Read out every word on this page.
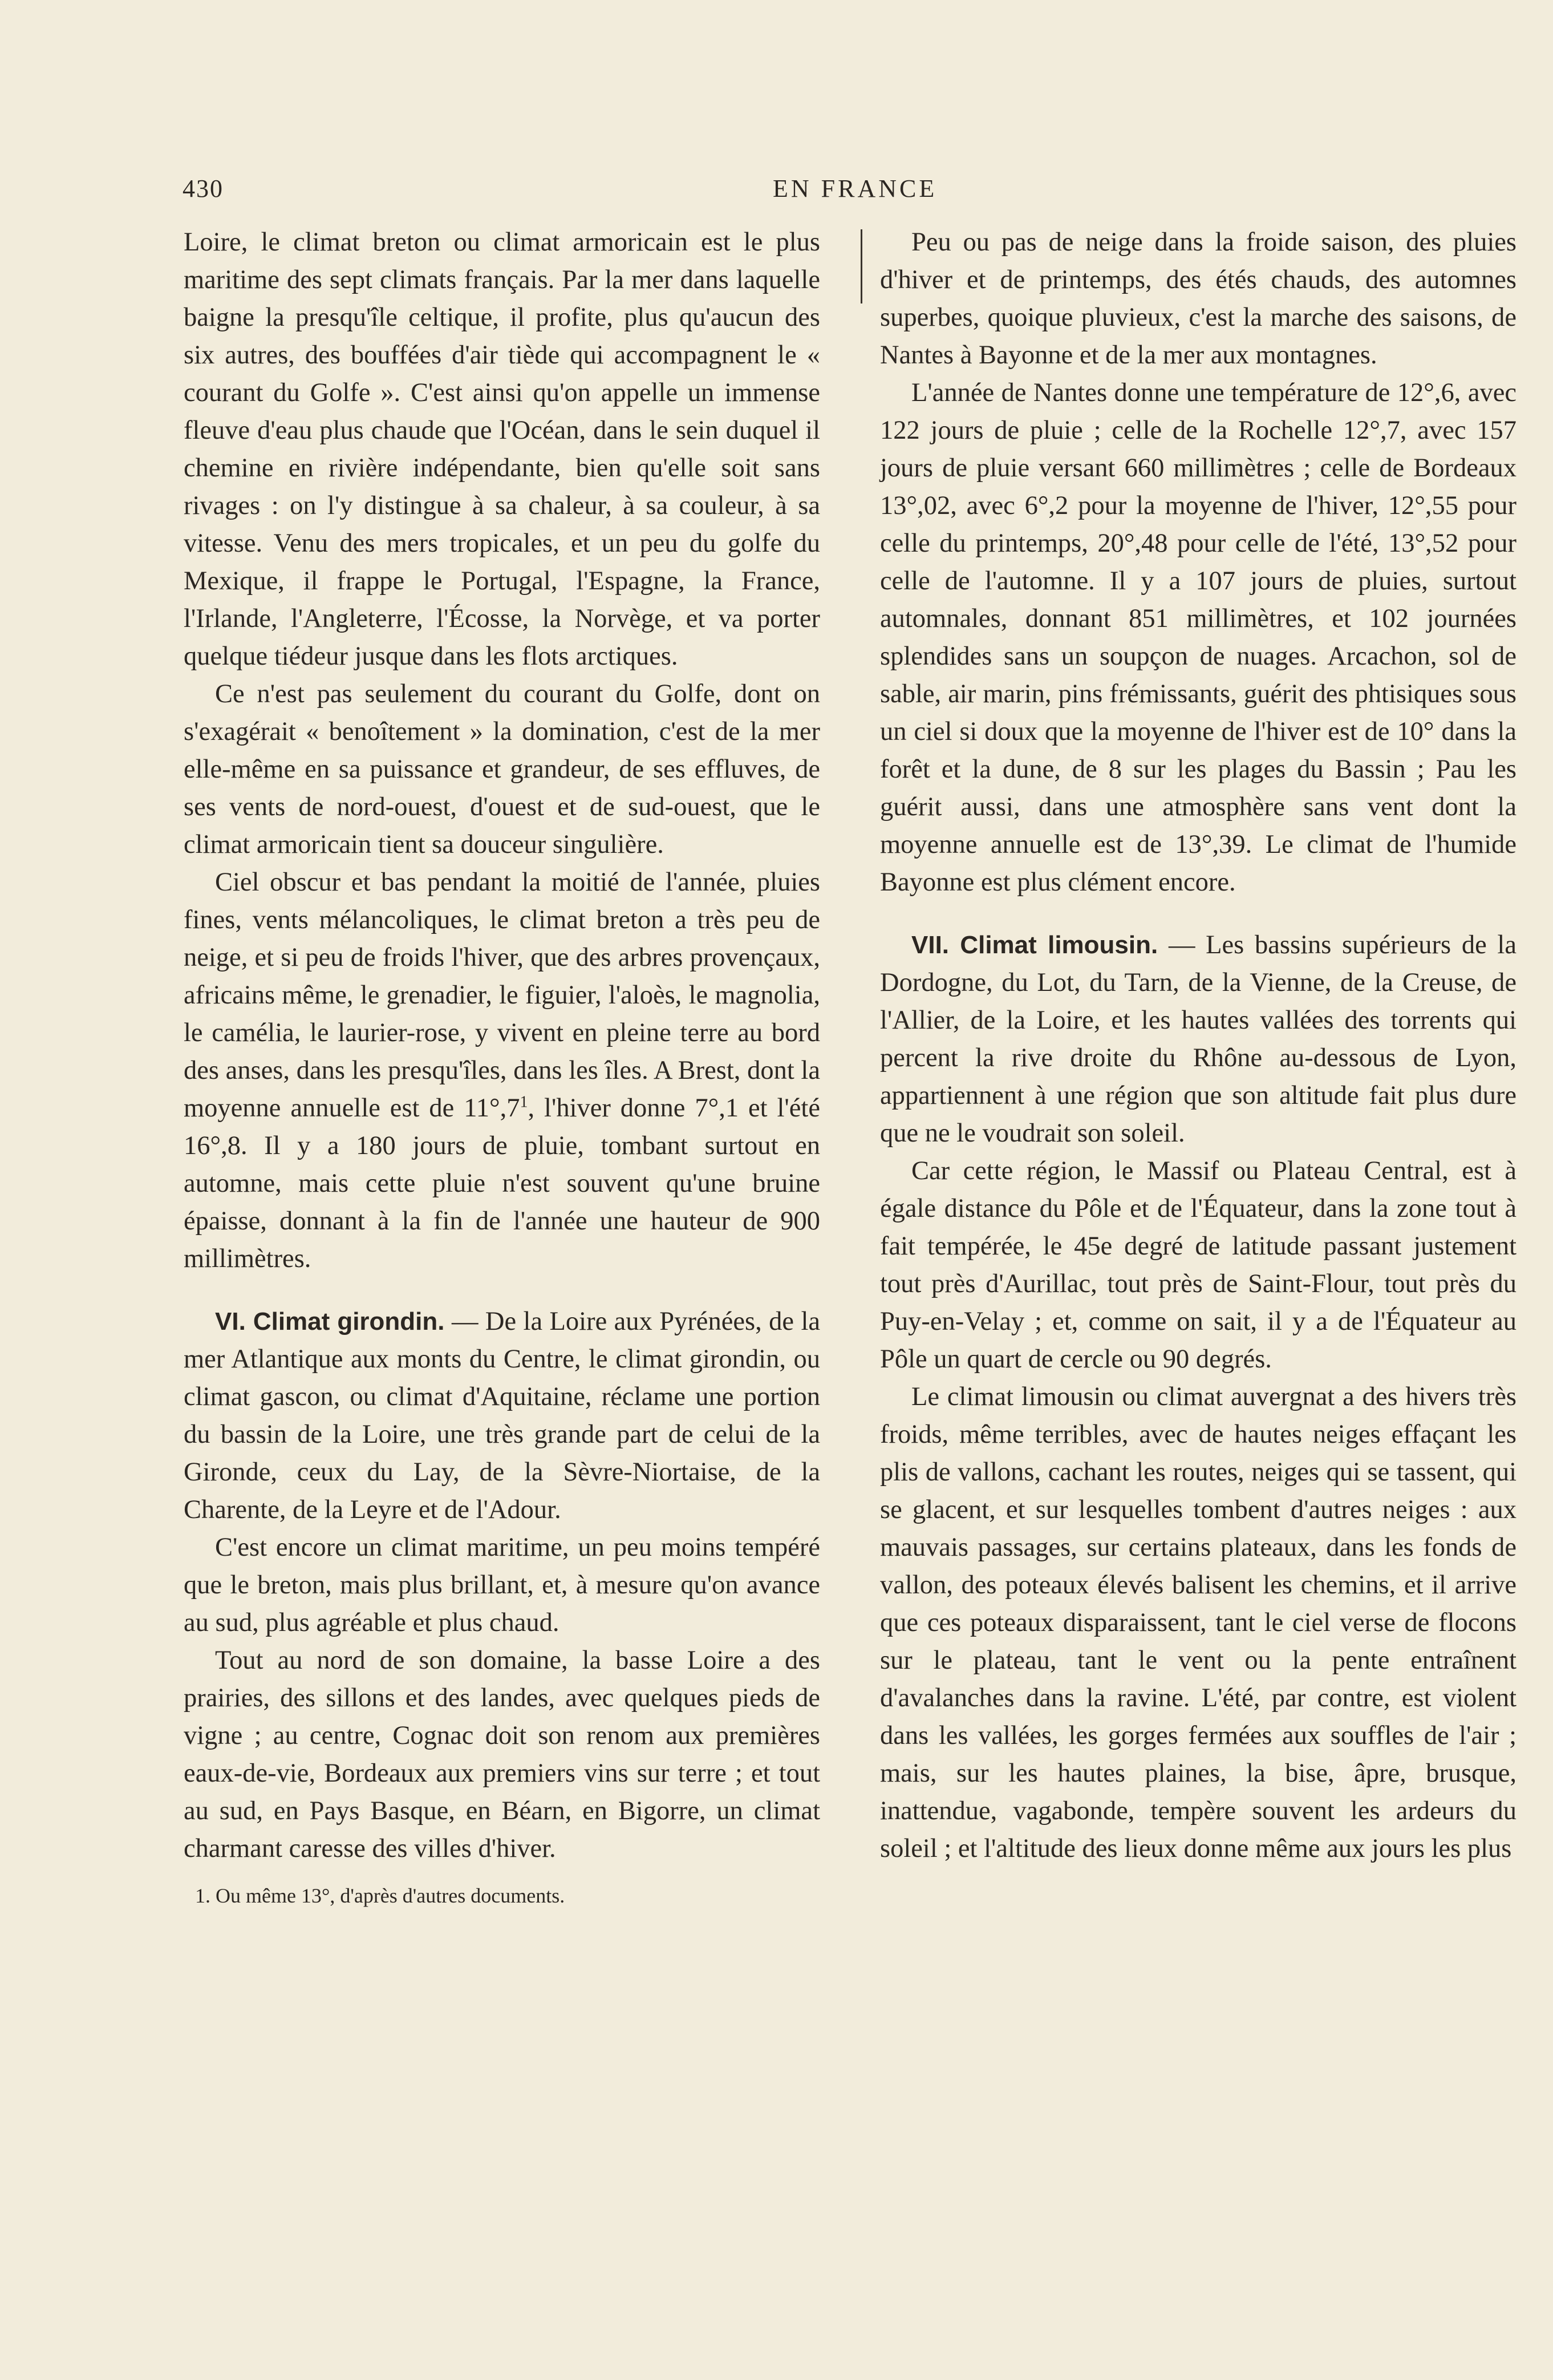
430	EN FRANCE

Loire, le climat breton ou climat armoricain est le plus maritime des sept climats français. Par la mer dans laquelle baigne la presqu'île celtique, il profite, plus qu'aucun des six autres, des bouffées d'air tiède qui accompagnent le « courant du Golfe ». C'est ainsi qu'on appelle un immense fleuve d'eau plus chaude que l'Océan, dans le sein duquel il chemine en rivière indépendante, bien qu'elle soit sans rivages : on l'y distingue à sa chaleur, à sa couleur, à sa vitesse. Venu des mers tropicales, et un peu du golfe du Mexique, il frappe le Portugal, l'Espagne, la France, l'Irlande, l'Angleterre, l'Écosse, la Norvège, et va porter quelque tiédeur jusque dans les flots arctiques.

Ce n'est pas seulement du courant du Golfe, dont on s'exagérait « benoîtement » la domination, c'est de la mer elle-même en sa puissance et grandeur, de ses effluves, de ses vents de nord-ouest, d'ouest et de sud-ouest, que le climat armoricain tient sa douceur singulière.

Ciel obscur et bas pendant la moitié de l'année, pluies fines, vents mélancoliques, le climat breton a très peu de neige, et si peu de froids l'hiver, que des arbres provençaux, africains même, le grenadier, le figuier, l'aloès, le magnolia, le camélia, le laurier-rose, y vivent en pleine terre au bord des anses, dans les presqu'îles, dans les îles. A Brest, dont la moyenne annuelle est de $11^\circ,7^1$, l'hiver donne 7°,1 et l'été 16°,8. Il y a 180 jours de pluie, tombant surtout en automne, mais cette pluie n'est souvent qu'une bruine épaisse, donnant à la fin de l'année une hauteur de 900 millimètres.

VI. Climat girondin. — De la Loire aux Pyrénées, de la mer Atlantique aux monts du Centre, le climat girondin, ou climat gascon, ou climat d'Aquitaine, réclame une portion du bassin de la Loire, une très grande part de celui de la Gironde, ceux du Lay, de la Sèvre-Niortaise, de la Charente, de la Leyre et de l'Adour.

C'est encore un climat maritime, un peu moins tempéré que le breton, mais plus brillant, et, à mesure qu'on avance au sud, plus agréable et plus chaud.

Tout au nord de son domaine, la basse Loire a des prairies, des sillons et des landes, avec quelques pieds de vigne ; au centre, Cognac doit son renom aux premières eaux-de-vie, Bordeaux aux premiers vins sur terre ; et tout au sud, en Pays Basque, en Béarn, en Bigorre, un climat charmant caresse des villes d'hiver.

1. Ou même 13°, d'après d'autres documents.

Peu ou pas de neige dans la froide saison, des pluies d'hiver et de printemps, des étés chauds, des automnes superbes, quoique pluvieux, c'est la marche des saisons, de Nantes à Bayonne et de la mer aux montagnes.

L'année de Nantes donne une température de 12°,6, avec 122 jours de pluie ; celle de la Rochelle 12°,7, avec 157 jours de pluie versant 660 millimètres ; celle de Bordeaux 13°,02, avec 6°,2 pour la moyenne de l'hiver, 12°,55 pour celle du printemps, 20°,48 pour celle de l'été, 13°,52 pour celle de l'automne. Il y a 107 jours de pluies, surtout automnales, donnant 851 millimètres, et 102 journées splendides sans un soupçon de nuages. Arcachon, sol de sable, air marin, pins frémissants, guérit des phtisiques sous un ciel si doux que la moyenne de l'hiver est de 10° dans la forêt et la dune, de 8 sur les plages du Bassin ; Pau les guérit aussi, dans une atmosphère sans vent dont la moyenne annuelle est de 13°,39. Le climat de l'humide Bayonne est plus clément encore.

VII. Climat limousin. — Les bassins supérieurs de la Dordogne, du Lot, du Tarn, de la Vienne, de la Creuse, de l'Allier, de la Loire, et les hautes vallées des torrents qui percent la rive droite du Rhône au-dessous de Lyon, appartiennent à une région que son altitude fait plus dure que ne le voudrait son soleil.

Car cette région, le Massif ou Plateau Central, est à égale distance du Pôle et de l'Équateur, dans la zone tout à fait tempérée, le 45e degré de latitude passant justement tout près d'Aurillac, tout près de Saint-Flour, tout près du Puy-en-Velay ; et, comme on sait, il y a de l'Équateur au Pôle un quart de cercle ou 90 degrés.

Le climat limousin ou climat auvergnat a des hivers très froids, même terribles, avec de hautes neiges effaçant les plis de vallons, cachant les routes, neiges qui se tassent, qui se glacent, et sur lesquelles tombent d'autres neiges : aux mauvais passages, sur certains plateaux, dans les fonds de vallon, des poteaux élevés balisent les chemins, et il arrive que ces poteaux disparaissent, tant le ciel verse de flocons sur le plateau, tant le vent ou la pente entraînent d'avalanches dans la ravine. L'été, par contre, est violent dans les vallées, les gorges fermées aux souffles de l'air ; mais, sur les hautes plaines, la bise, âpre, brusque, inattendue, vagabonde, tempère souvent les ardeurs du soleil ; et l'altitude des lieux donne même aux jours les plus
